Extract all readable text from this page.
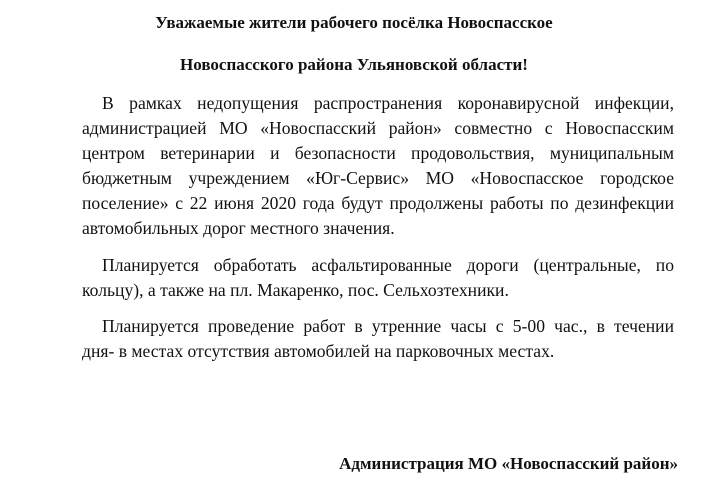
Уважаемые жители рабочего посёлка Новоспасское
Новоспасского района Ульяновской области!
В рамках недопущения распространения коронавирусной инфекции,
администрацией МО «Новоспасский район» совместно с Новоспасским
центром ветеринарии и безопасности продовольствия, муниципальным
бюджетным учреждением «Юг-Сервис» МО «Новоспасское городское
поселение» с 22 июня 2020 года будут продолжены работы по дезинфекции
автомобильных дорог местного значения.
Планируется обработать асфальтированные дороги (центральные, по
кольцу), а также на пл. Макаренко, пос. Сельхозтехники.
Планируется проведение работ в утренние часы с 5-00 час., в течении
дня- в местах отсутствия автомобилей на парковочных местах.
Администрация МО «Новоспасский район»
